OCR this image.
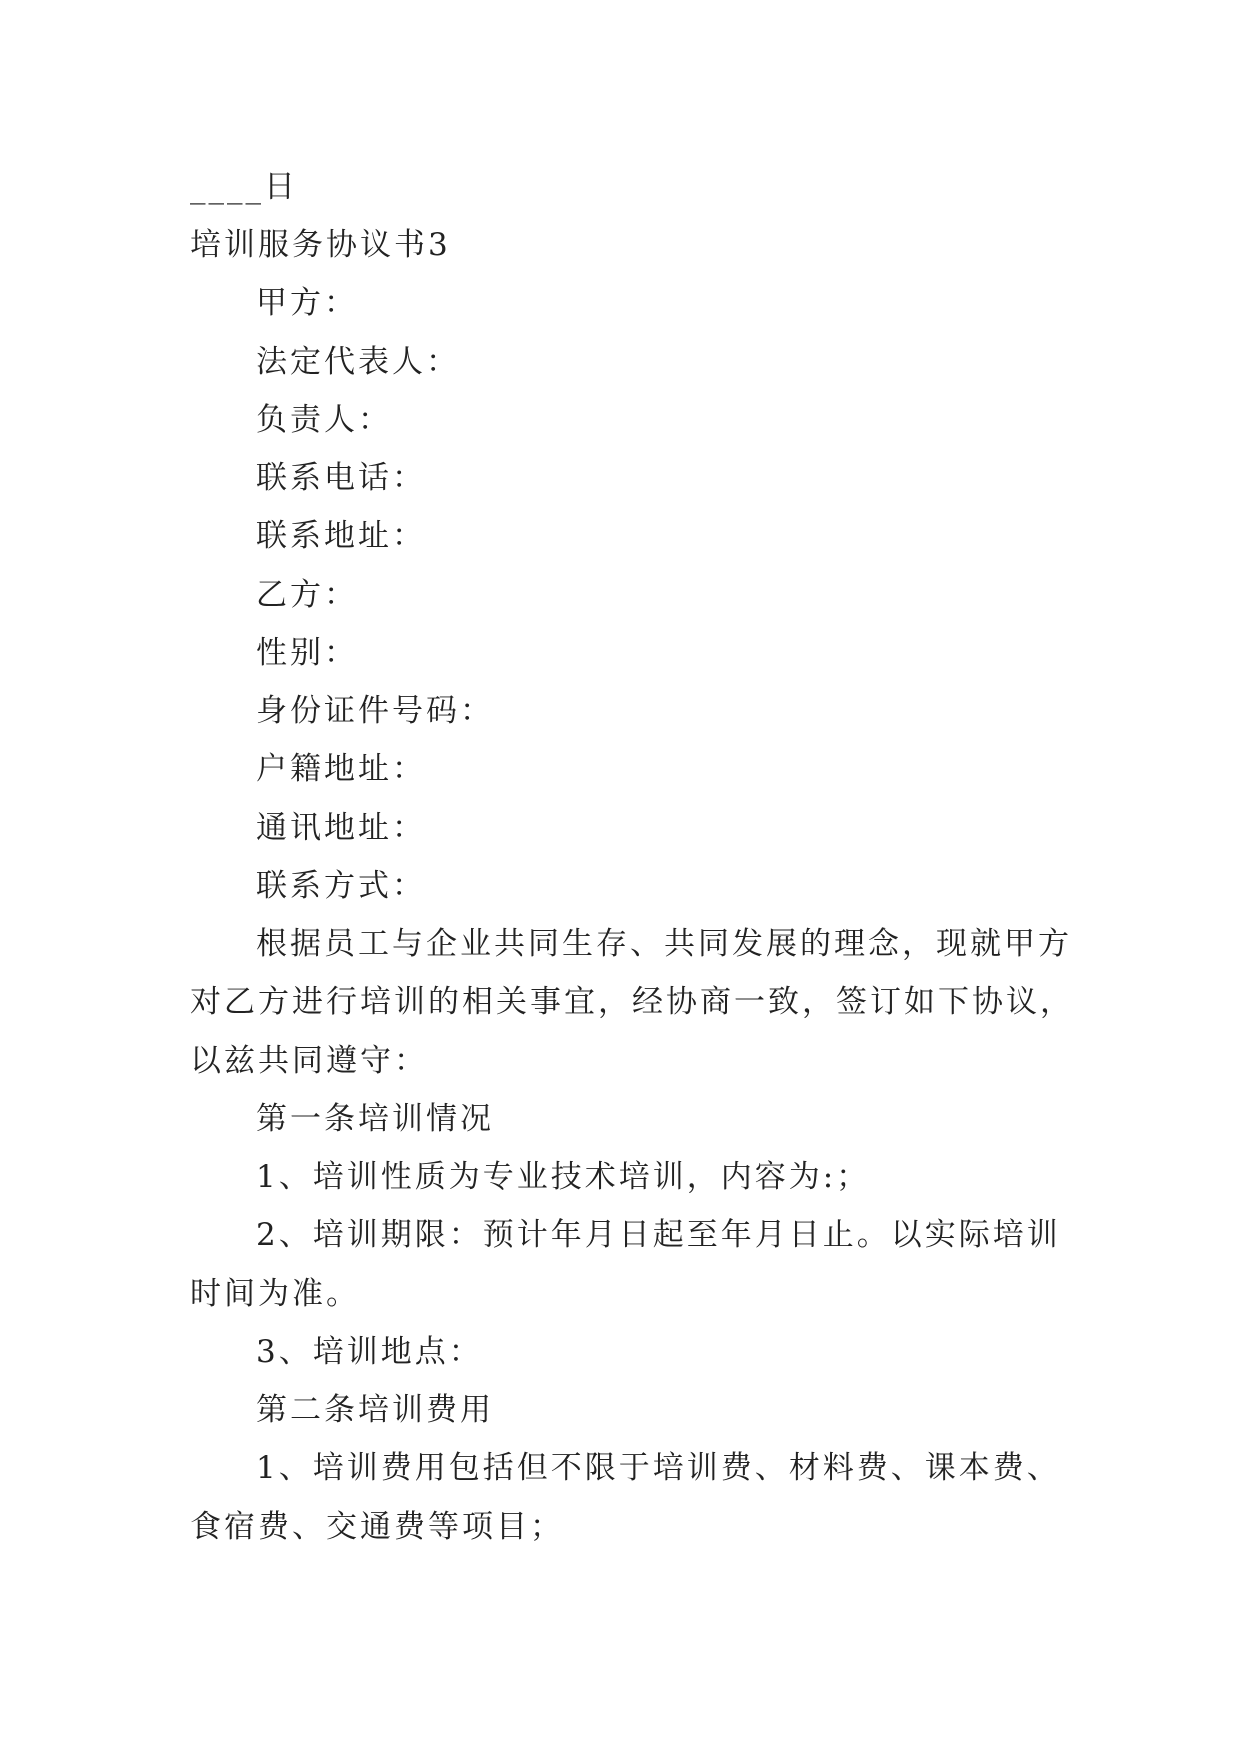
____日
培训服务协议书3
甲方：
法定代表人：
负责人：
联系电话：
联系地址：
乙方：
性别：
身份证件号码：
户籍地址：
通讯地址：
联系方式：
根据员工与企业共同生存、共同发展的理念，现就甲方
对乙方进行培训的相关事宜，经协商一致，签订如下协议，
以兹共同遵守：
第一条培训情况
1、培训性质为专业技术培训，内容为:；
2、培训期限：预计年月日起至年月日止。以实际培训
时间为准。
3、培训地点：
第二条培训费用
1、培训费用包括但不限于培训费、材料费、课本费、
食宿费、交通费等项目；
